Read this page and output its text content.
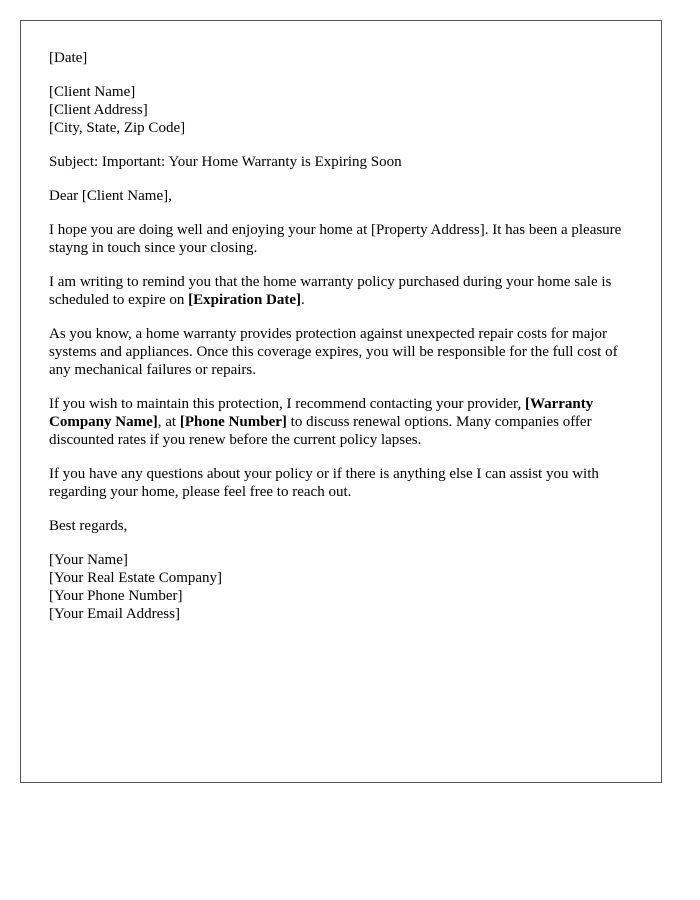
[Date]

[Client Name]
[Client Address]
[City, State, Zip Code]

Subject: Important: Your Home Warranty is Expiring Soon

Dear [Client Name],

I hope you are doing well and enjoying your home at [Property Address]. It has been a pleasure stayng in touch since your closing.

I am writing to remind you that the home warranty policy purchased during your home sale is scheduled to expire on [Expiration Date].

As you know, a home warranty provides protection against unexpected repair costs for major systems and appliances. Once this coverage expires, you will be responsible for the full cost of any mechanical failures or repairs.

If you wish to maintain this protection, I recommend contacting your provider, [Warranty Company Name], at [Phone Number] to discuss renewal options. Many companies offer discounted rates if you renew before the current policy lapses.

If you have any questions about your policy or if there is anything else I can assist you with regarding your home, please feel free to reach out.

Best regards,

[Your Name]
[Your Real Estate Company]
[Your Phone Number]
[Your Email Address]
